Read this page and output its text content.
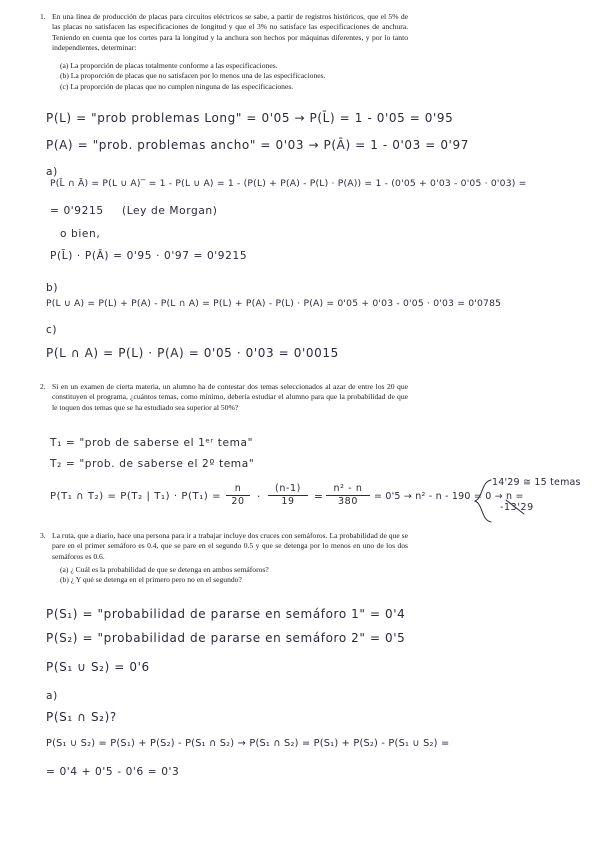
1. En una línea de producción de placas para circuitos eléctricos se sabe, a partir de registros históricos, que el 5% de las placas no satisfacen las especificaciones de longitud y que el 3% no satisface las especificaciones de anchura. Teniendo en cuenta que los cortes para la longitud y la anchura son hechos por máquinas diferentes, y por lo tanto independientes, determinar:
(a) La proporción de placas totalmente conforme a las especificaciones.
(b) La proporción de placas que no satisfacen por lo menos una de las especificaciones.
(c) La proporción de placas que no cumplen ninguna de las especificaciones.
P(L) = "prob problemas Long" = 0'05 → P(L̄) = 1 - 0'05 = 0'95
P(A) = "prob. problemas ancho" = 0'03 → P(Ā) = 1 - 0'03 = 0'97
a)
P(L̄ ∩ Ā) = P(L ∪ A)‾ = 1 - P(L ∪ A) = 1 - (P(L) + P(A) - P(L) · P(A)) = 1 - (0'05 + 0'03 - 0'05 · 0'03) =
= 0'9215 (Ley de Morgan)
o bien,
P(L̄) · P(Ā) = 0'95 · 0'97 = 0'9215
b)
P(L ∪ A) = P(L) + P(A) - P(L ∩ A) = P(L) + P(A) - P(L) · P(A) = 0'05 + 0'03 - 0'05 · 0'03 = 0'0785
c)
P(L ∩ A) = P(L) · P(A) = 0'05 · 0'03 = 0'0015
2. Si en un examen de cierta materia, un alumno ha de contestar dos temas seleccionados al azar de entre los 20 que constituyen el programa, ¿cuántos temas, como mínimo, debería estudiar el alumno para que la probabilidad de que le toquen dos temas que se ha estudiado sea superior al 50%?
T₁ = "prob de saberse el 1ᵉʳ tema"
T₂ = "prob. de saberse el 2º tema"
P(T₁ ∩ T₂) = P(T₂ | T₁) · P(T₁) =
n
20	·
(n-1)
19	=
n² - n
380	= 0'5 → n² - n - 190 = 0 → n =
14'29 ≅ 15 temas
-13'29
3. La ruta, que a diario, hace una persona para ir a trabajar incluye dos cruces con semáforos. La probabilidad de que se pare en el primer semáforo es 0.4, que se pare en el segundo 0.5 y que se detenga por lo menos en uno de los dos semáforos es 0.6.
(a) ¿ Cuál es la probabilidad de que se detenga en ambos semáforos?
(b) ¿ Y qué se detenga en el primero pero no en el segundo?
P(S₁) = "probabilidad de pararse en semáforo 1" = 0'4
P(S₂) = "probabilidad de pararse en semáforo 2" = 0'5
P(S₁ ∪ S₂) = 0'6
a)
P(S₁ ∩ S₂)?
P(S₁ ∪ S₂) = P(S₁) + P(S₂) - P(S₁ ∩ S₂) → P(S₁ ∩ S₂) = P(S₁) + P(S₂) - P(S₁ ∪ S₂) =
= 0'4 + 0'5 - 0'6 = 0'3
